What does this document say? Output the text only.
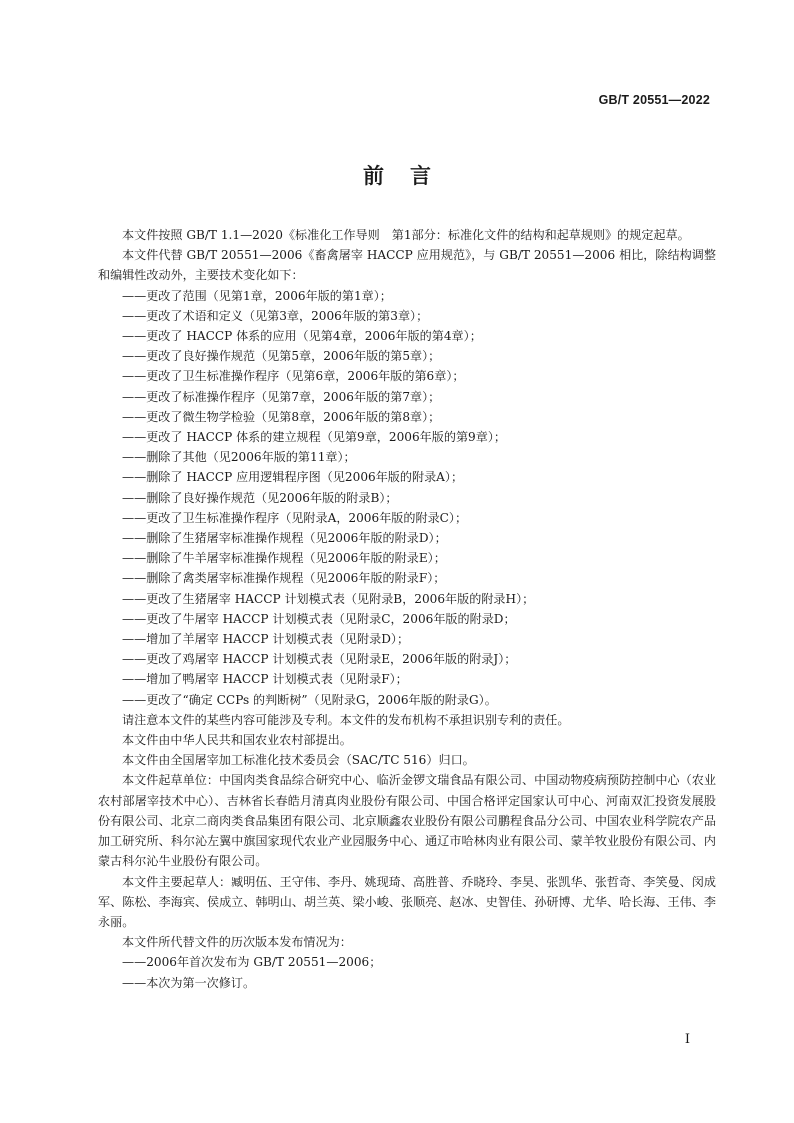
GB/T 20551—2022
前言

本文件按照 GB/T 1.1—2020《标准化工作导则　第1部分：标准化文件的结构和起草规则》的规定起草。

本文件代替 GB/T 20551—2006《畜禽屠宰 HACCP 应用规范》，与 GB/T 20551—2006 相比，除结构调整和编辑性改动外，主要技术变化如下：

——更改了范围（见第1章，2006年版的第1章）；

——更改了术语和定义（见第3章，2006年版的第3章）；

——更改了 HACCP 体系的应用（见第4章，2006年版的第4章）；

——更改了良好操作规范（见第5章，2006年版的第5章）；

——更改了卫生标准操作程序（见第6章，2006年版的第6章）；

——更改了标准操作程序（见第7章，2006年版的第7章）；

——更改了微生物学检验（见第8章，2006年版的第8章）；

——更改了 HACCP 体系的建立规程（见第9章，2006年版的第9章）；

——删除了其他（见2006年版的第11章）；

——删除了 HACCP 应用逻辑程序图（见2006年版的附录A）；

——删除了良好操作规范（见2006年版的附录B）；

——更改了卫生标准操作程序（见附录A，2006年版的附录C）；

——删除了生猪屠宰标准操作规程（见2006年版的附录D）；

——删除了牛羊屠宰标准操作规程（见2006年版的附录E）；

——删除了禽类屠宰标准操作规程（见2006年版的附录F）；

——更改了生猪屠宰 HACCP 计划模式表（见附录B，2006年版的附录H）；

——更改了牛屠宰 HACCP 计划模式表（见附录C，2006年版的附录D；

——增加了羊屠宰 HACCP 计划模式表（见附录D）；

——更改了鸡屠宰 HACCP 计划模式表（见附录E，2006年版的附录J）；

——增加了鸭屠宰 HACCP 计划模式表（见附录F）；

——更改了“确定 CCPs 的判断树”（见附录G，2006年版的附录G）。

请注意本文件的某些内容可能涉及专利。本文件的发布机构不承担识别专利的责任。

本文件由中华人民共和国农业农村部提出。

本文件由全国屠宰加工标准化技术委员会（SAC/TC 516）归口。

本文件起草单位：中国肉类食品综合研究中心、临沂金锣文瑞食品有限公司、中国动物疫病预防控制中心（农业农村部屠宰技术中心）、吉林省长春皓月清真肉业股份有限公司、中国合格评定国家认可中心、河南双汇投资发展股份有限公司、北京二商肉类食品集团有限公司、北京顺鑫农业股份有限公司鹏程食品分公司、中国农业科学院农产品加工研究所、科尔沁左翼中旗国家现代农业产业园服务中心、通辽市哈林肉业有限公司、蒙羊牧业股份有限公司、内蒙古科尔沁牛业股份有限公司。

本文件主要起草人：臧明伍、王守伟、李丹、姚现琦、高胜普、乔晓玲、李昊、张凯华、张哲奇、李笑曼、闵成军、陈松、李海宾、侯成立、韩明山、胡兰英、梁小峻、张顺亮、赵冰、史智佳、孙研博、尤华、哈长海、王伟、李永丽。

本文件所代替文件的历次版本发布情况为：

——2006年首次发布为 GB/T 20551—2006；

——本次为第一次修订。

I
